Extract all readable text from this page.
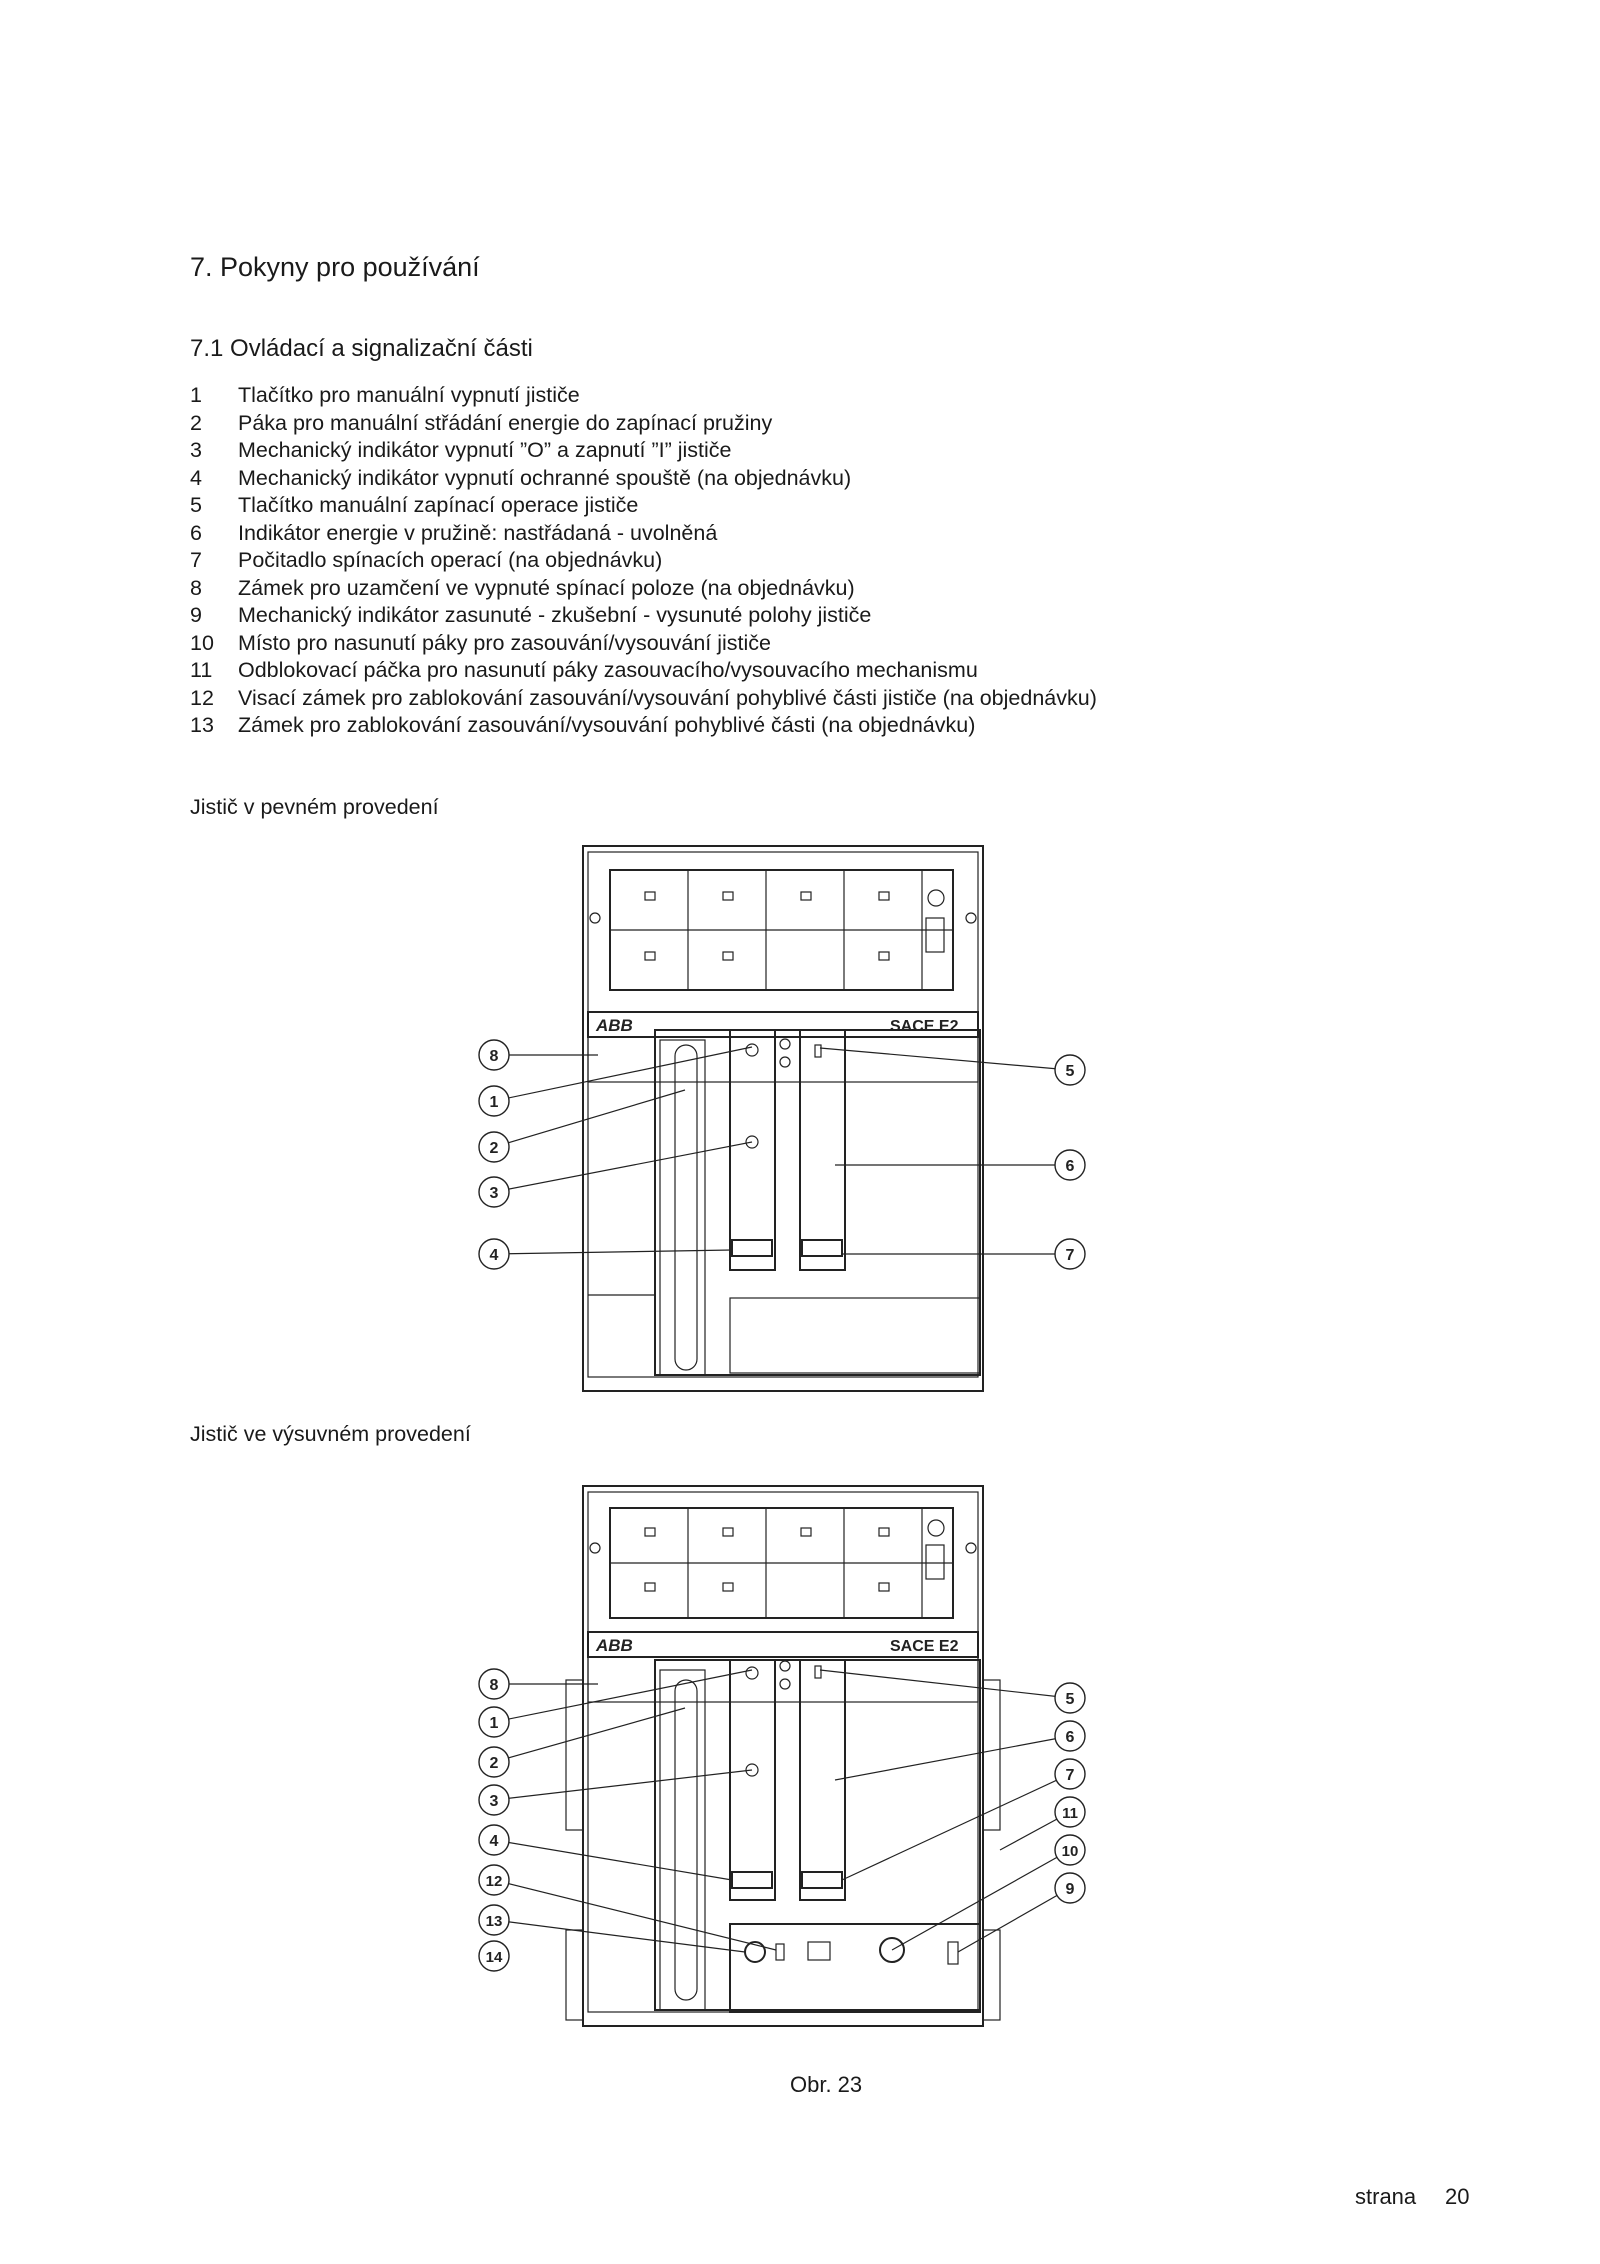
7. Pokyny pro používání
7.1 Ovládací a signalizační části
1	Tlačítko pro manuální vypnutí jističe
2	Páka pro manuální střádání energie do zapínací pružiny
3	Mechanický indikátor vypnutí ”O” a zapnutí ”I” jističe
4	Mechanický indikátor vypnutí ochranné spouště (na objednávku)
5	Tlačítko manuální zapínací operace jističe
6	Indikátor energie v pružině: nastřádaná - uvolněná
7	Počitadlo spínacích operací (na objednávku)
8	Zámek pro uzamčení ve vypnuté spínací poloze (na objednávku)
9	Mechanický indikátor zasunuté - zkušební - vysunuté polohy jističe
10	Místo pro nasunutí páky pro zasouvání/vysouvání jističe
11	Odblokovací páčka pro nasunutí páky zasouvacího/vysouvacího mechanismu
12	Visací zámek pro zablokování zasouvání/vysouvání pohyblivé části jističe (na objednávku)
13	Zámek pro zablokování zasouvání/vysouvání pohyblivé části (na objednávku)
Jistič v pevném provedení
ABB	SACE E2
8
1
2
3
4
5
6
7
Jistič ve výsuvném provedení
ABB	SACE E2
8
1
2
3
4
12
13
14
5
6
7
11
10
9
Obr. 23
strana 20
